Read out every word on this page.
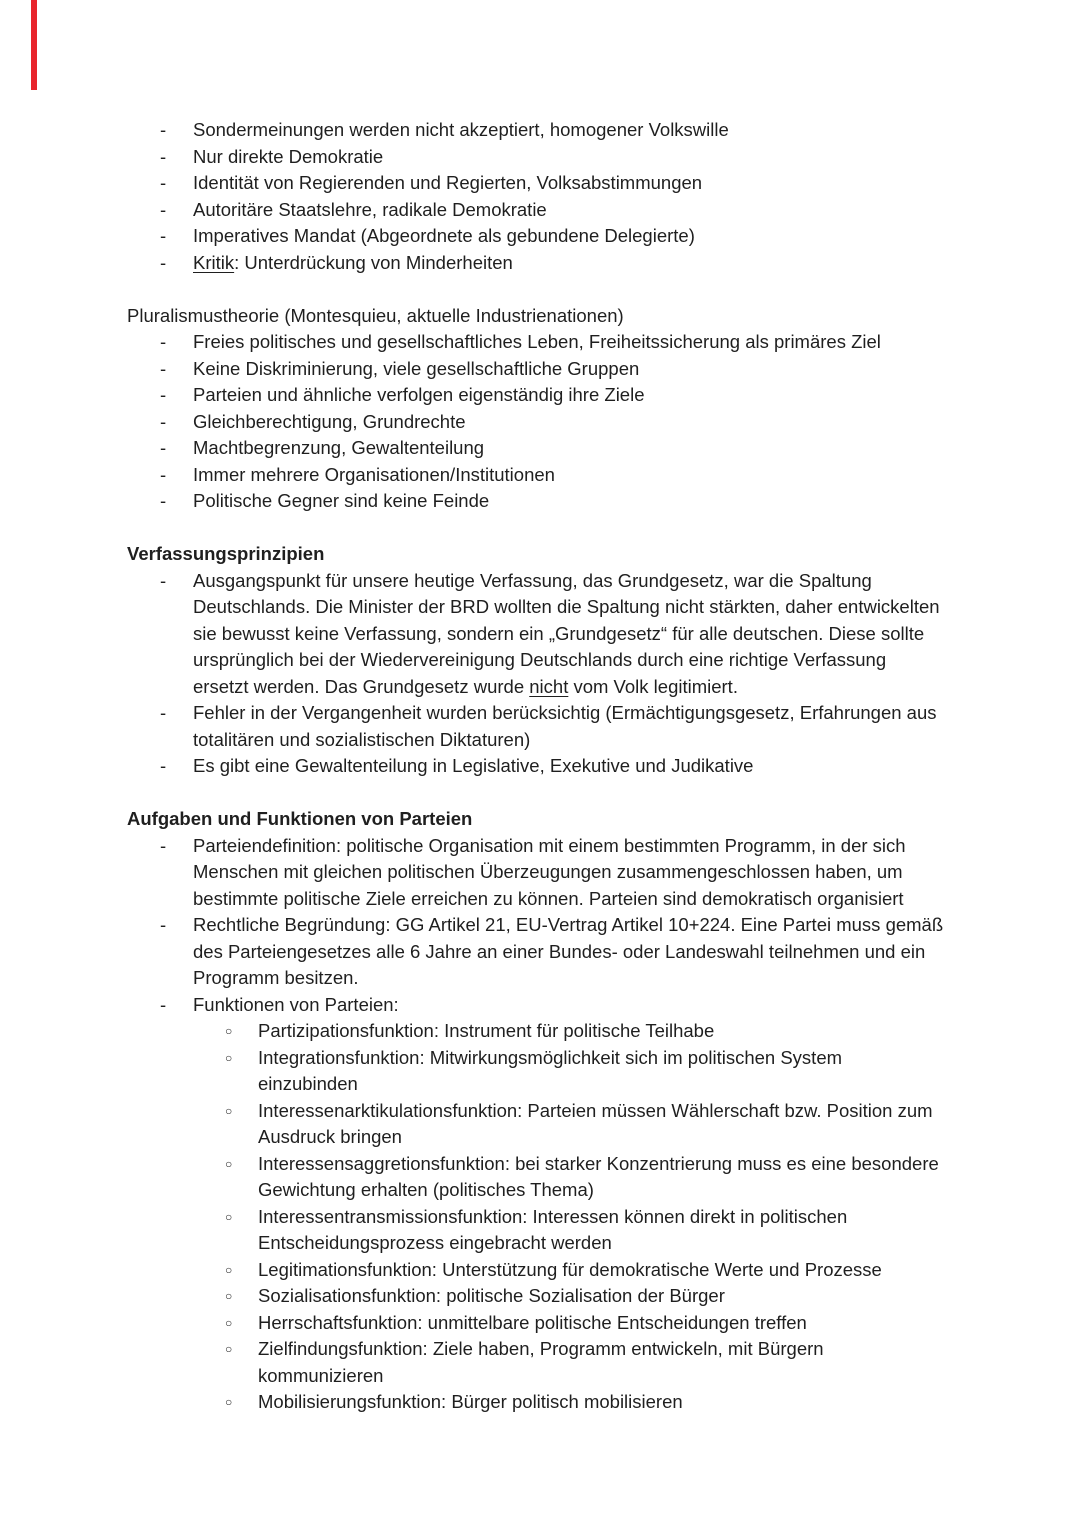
-	Sondermeinungen werden nicht akzeptiert, homogener Volkswille
-	Nur direkte Demokratie
-	Identität von Regierenden und Regierten, Volksabstimmungen
-	Autoritäre Staatslehre, radikale Demokratie
-	Imperatives Mandat (Abgeordnete als gebundene Delegierte)
-	Kritik: Unterdrückung von Minderheiten
Pluralismustheorie (Montesquieu, aktuelle Industrienationen)
-	Freies politisches und gesellschaftliches Leben, Freiheitssicherung als primäres Ziel
-	Keine Diskriminierung, viele gesellschaftliche Gruppen
-	Parteien und ähnliche verfolgen eigenständig ihre Ziele
-	Gleichberechtigung, Grundrechte
-	Machtbegrenzung, Gewaltenteilung
-	Immer mehrere Organisationen/Institutionen
-	Politische Gegner sind keine Feinde
Verfassungsprinzipien
-	Ausgangspunkt für unsere heutige Verfassung, das Grundgesetz, war die Spaltung Deutschlands. Die Minister der BRD wollten die Spaltung nicht stärkten, daher entwickelten sie bewusst keine Verfassung, sondern ein „Grundgesetz“ für alle deutschen. Diese sollte ursprünglich bei der Wiedervereinigung Deutschlands durch eine richtige Verfassung ersetzt werden. Das Grundgesetz wurde nicht vom Volk legitimiert.
-	Fehler in der Vergangenheit wurden berücksichtig (Ermächtigungsgesetz, Erfahrungen aus totalitären und sozialistischen Diktaturen)
-	Es gibt eine Gewaltenteilung in Legislative, Exekutive und Judikative
Aufgaben und Funktionen von Parteien
-	Parteiendefinition: politische Organisation mit einem bestimmten Programm, in der sich Menschen mit gleichen politischen Überzeugungen zusammengeschlossen haben, um bestimmte politische Ziele erreichen zu können. Parteien sind demokratisch organisiert
-	Rechtliche Begründung: GG Artikel 21, EU-Vertrag Artikel 10+224. Eine Partei muss gemäß des Parteiengesetzes alle 6 Jahre an einer Bundes- oder Landeswahl teilnehmen und ein Programm besitzen.
-	Funktionen von Parteien:
○	Partizipationsfunktion: Instrument für politische Teilhabe
○	Integrationsfunktion: Mitwirkungsmöglichkeit sich im politischen System einzubinden
○	Interessenarktikulationsfunktion: Parteien müssen Wählerschaft bzw. Position zum Ausdruck bringen
○	Interessensaggretionsfunktion: bei starker Konzentrierung muss es eine besondere Gewichtung erhalten (politisches Thema)
○	Interessentransmissionsfunktion: Interessen können direkt in politischen Entscheidungsprozess eingebracht werden
○	Legitimationsfunktion: Unterstützung für demokratische Werte und Prozesse
○	Sozialisationsfunktion: politische Sozialisation der Bürger
○	Herrschaftsfunktion: unmittelbare politische Entscheidungen treffen
○	Zielfindungsfunktion: Ziele haben, Programm entwickeln, mit Bürgern kommunizieren
○	Mobilisierungsfunktion: Bürger politisch mobilisieren
